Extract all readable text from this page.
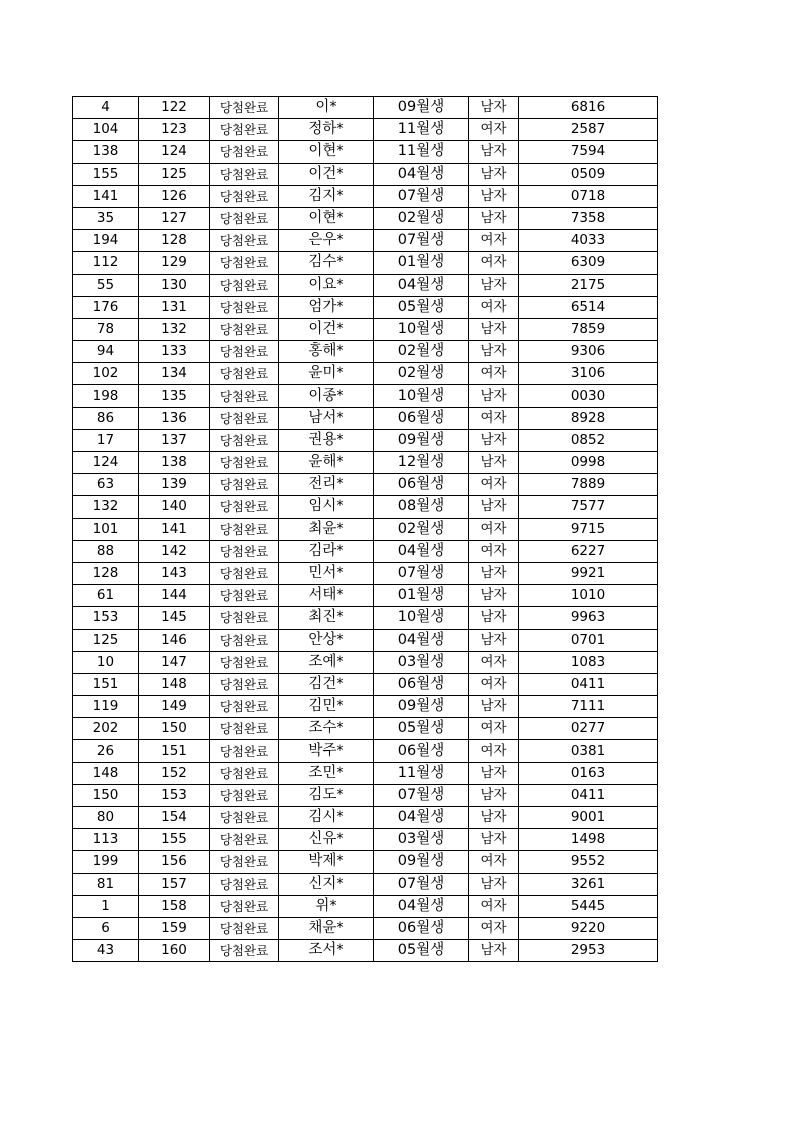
4	122	당첨완료	이*	09월생	남자	6816
104	123	당첨완료	정하*	11월생	여자	2587
138	124	당첨완료	이현*	11월생	남자	7594
155	125	당첨완료	이건*	04월생	남자	0509
141	126	당첨완료	김지*	07월생	남자	0718
35	127	당첨완료	이현*	02월생	남자	7358
194	128	당첨완료	은우*	07월생	여자	4033
112	129	당첨완료	김수*	01월생	여자	6309
55	130	당첨완료	이요*	04월생	남자	2175
176	131	당첨완료	엄가*	05월생	여자	6514
78	132	당첨완료	이건*	10월생	남자	7859
94	133	당첨완료	홍해*	02월생	남자	9306
102	134	당첨완료	윤미*	02월생	여자	3106
198	135	당첨완료	이종*	10월생	남자	0030
86	136	당첨완료	남서*	06월생	여자	8928
17	137	당첨완료	권용*	09월생	남자	0852
124	138	당첨완료	윤해*	12월생	남자	0998
63	139	당첨완료	전리*	06월생	여자	7889
132	140	당첨완료	임시*	08월생	남자	7577
101	141	당첨완료	최윤*	02월생	여자	9715
88	142	당첨완료	김라*	04월생	여자	6227
128	143	당첨완료	민서*	07월생	남자	9921
61	144	당첨완료	서태*	01월생	남자	1010
153	145	당첨완료	최진*	10월생	남자	9963
125	146	당첨완료	안상*	04월생	남자	0701
10	147	당첨완료	조예*	03월생	여자	1083
151	148	당첨완료	김건*	06월생	여자	0411
119	149	당첨완료	김민*	09월생	남자	7111
202	150	당첨완료	조수*	05월생	여자	0277
26	151	당첨완료	박주*	06월생	여자	0381
148	152	당첨완료	조민*	11월생	남자	0163
150	153	당첨완료	김도*	07월생	남자	0411
80	154	당첨완료	김시*	04월생	남자	9001
113	155	당첨완료	신유*	03월생	남자	1498
199	156	당첨완료	박제*	09월생	여자	9552
81	157	당첨완료	신지*	07월생	남자	3261
1	158	당첨완료	위*	04월생	여자	5445
6	159	당첨완료	채윤*	06월생	여자	9220
43	160	당첨완료	조서*	05월생	남자	2953
